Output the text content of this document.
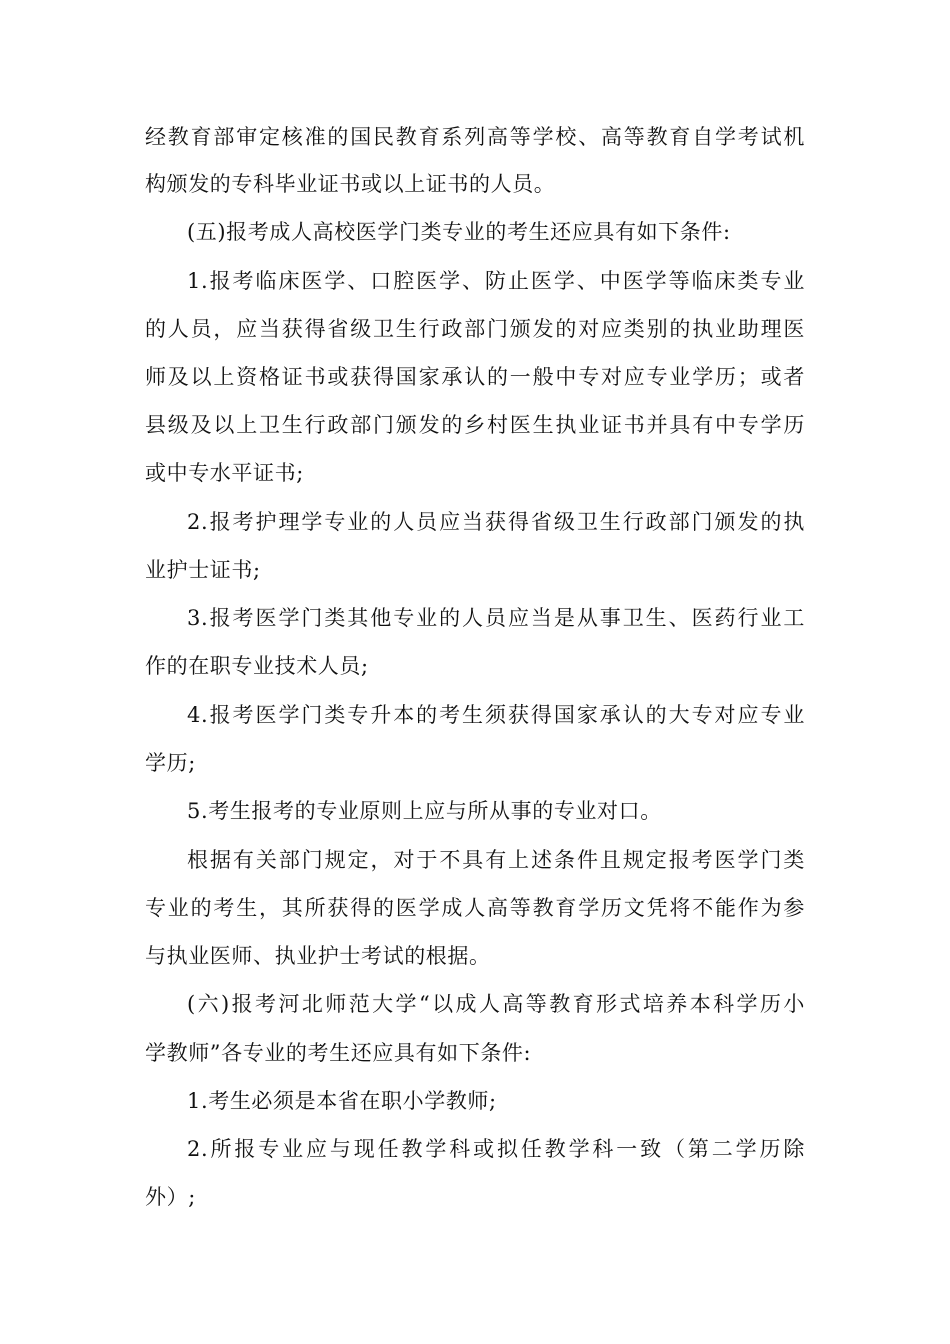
经教育部审定核准的国民教育系列高等学校、高等教育自学考试机
构颁发的专科毕业证书或以上证书的人员。
(五)报考成人高校医学门类专业的考生还应具有如下条件:
1.报考临床医学、口腔医学、防止医学、中医学等临床类专业
的人员，应当获得省级卫生行政部门颁发的对应类别的执业助理医
师及以上资格证书或获得国家承认的一般中专对应专业学历；或者
县级及以上卫生行政部门颁发的乡村医生执业证书并具有中专学历
或中专水平证书;
2.报考护理学专业的人员应当获得省级卫生行政部门颁发的执
业护士证书;
3.报考医学门类其他专业的人员应当是从事卫生、医药行业工
作的在职专业技术人员;
4.报考医学门类专升本的考生须获得国家承认的大专对应专业
学历;
5.考生报考的专业原则上应与所从事的专业对口。
根据有关部门规定，对于不具有上述条件且规定报考医学门类
专业的考生，其所获得的医学成人高等教育学历文凭将不能作为参
与执业医师、执业护士考试的根据。
(六)报考河北师范大学“以成人高等教育形式培养本科学历小
学教师”各专业的考生还应具有如下条件:
1.考生必须是本省在职小学教师;
2.所报专业应与现任教学科或拟任教学科一致（第二学历除
外）;
